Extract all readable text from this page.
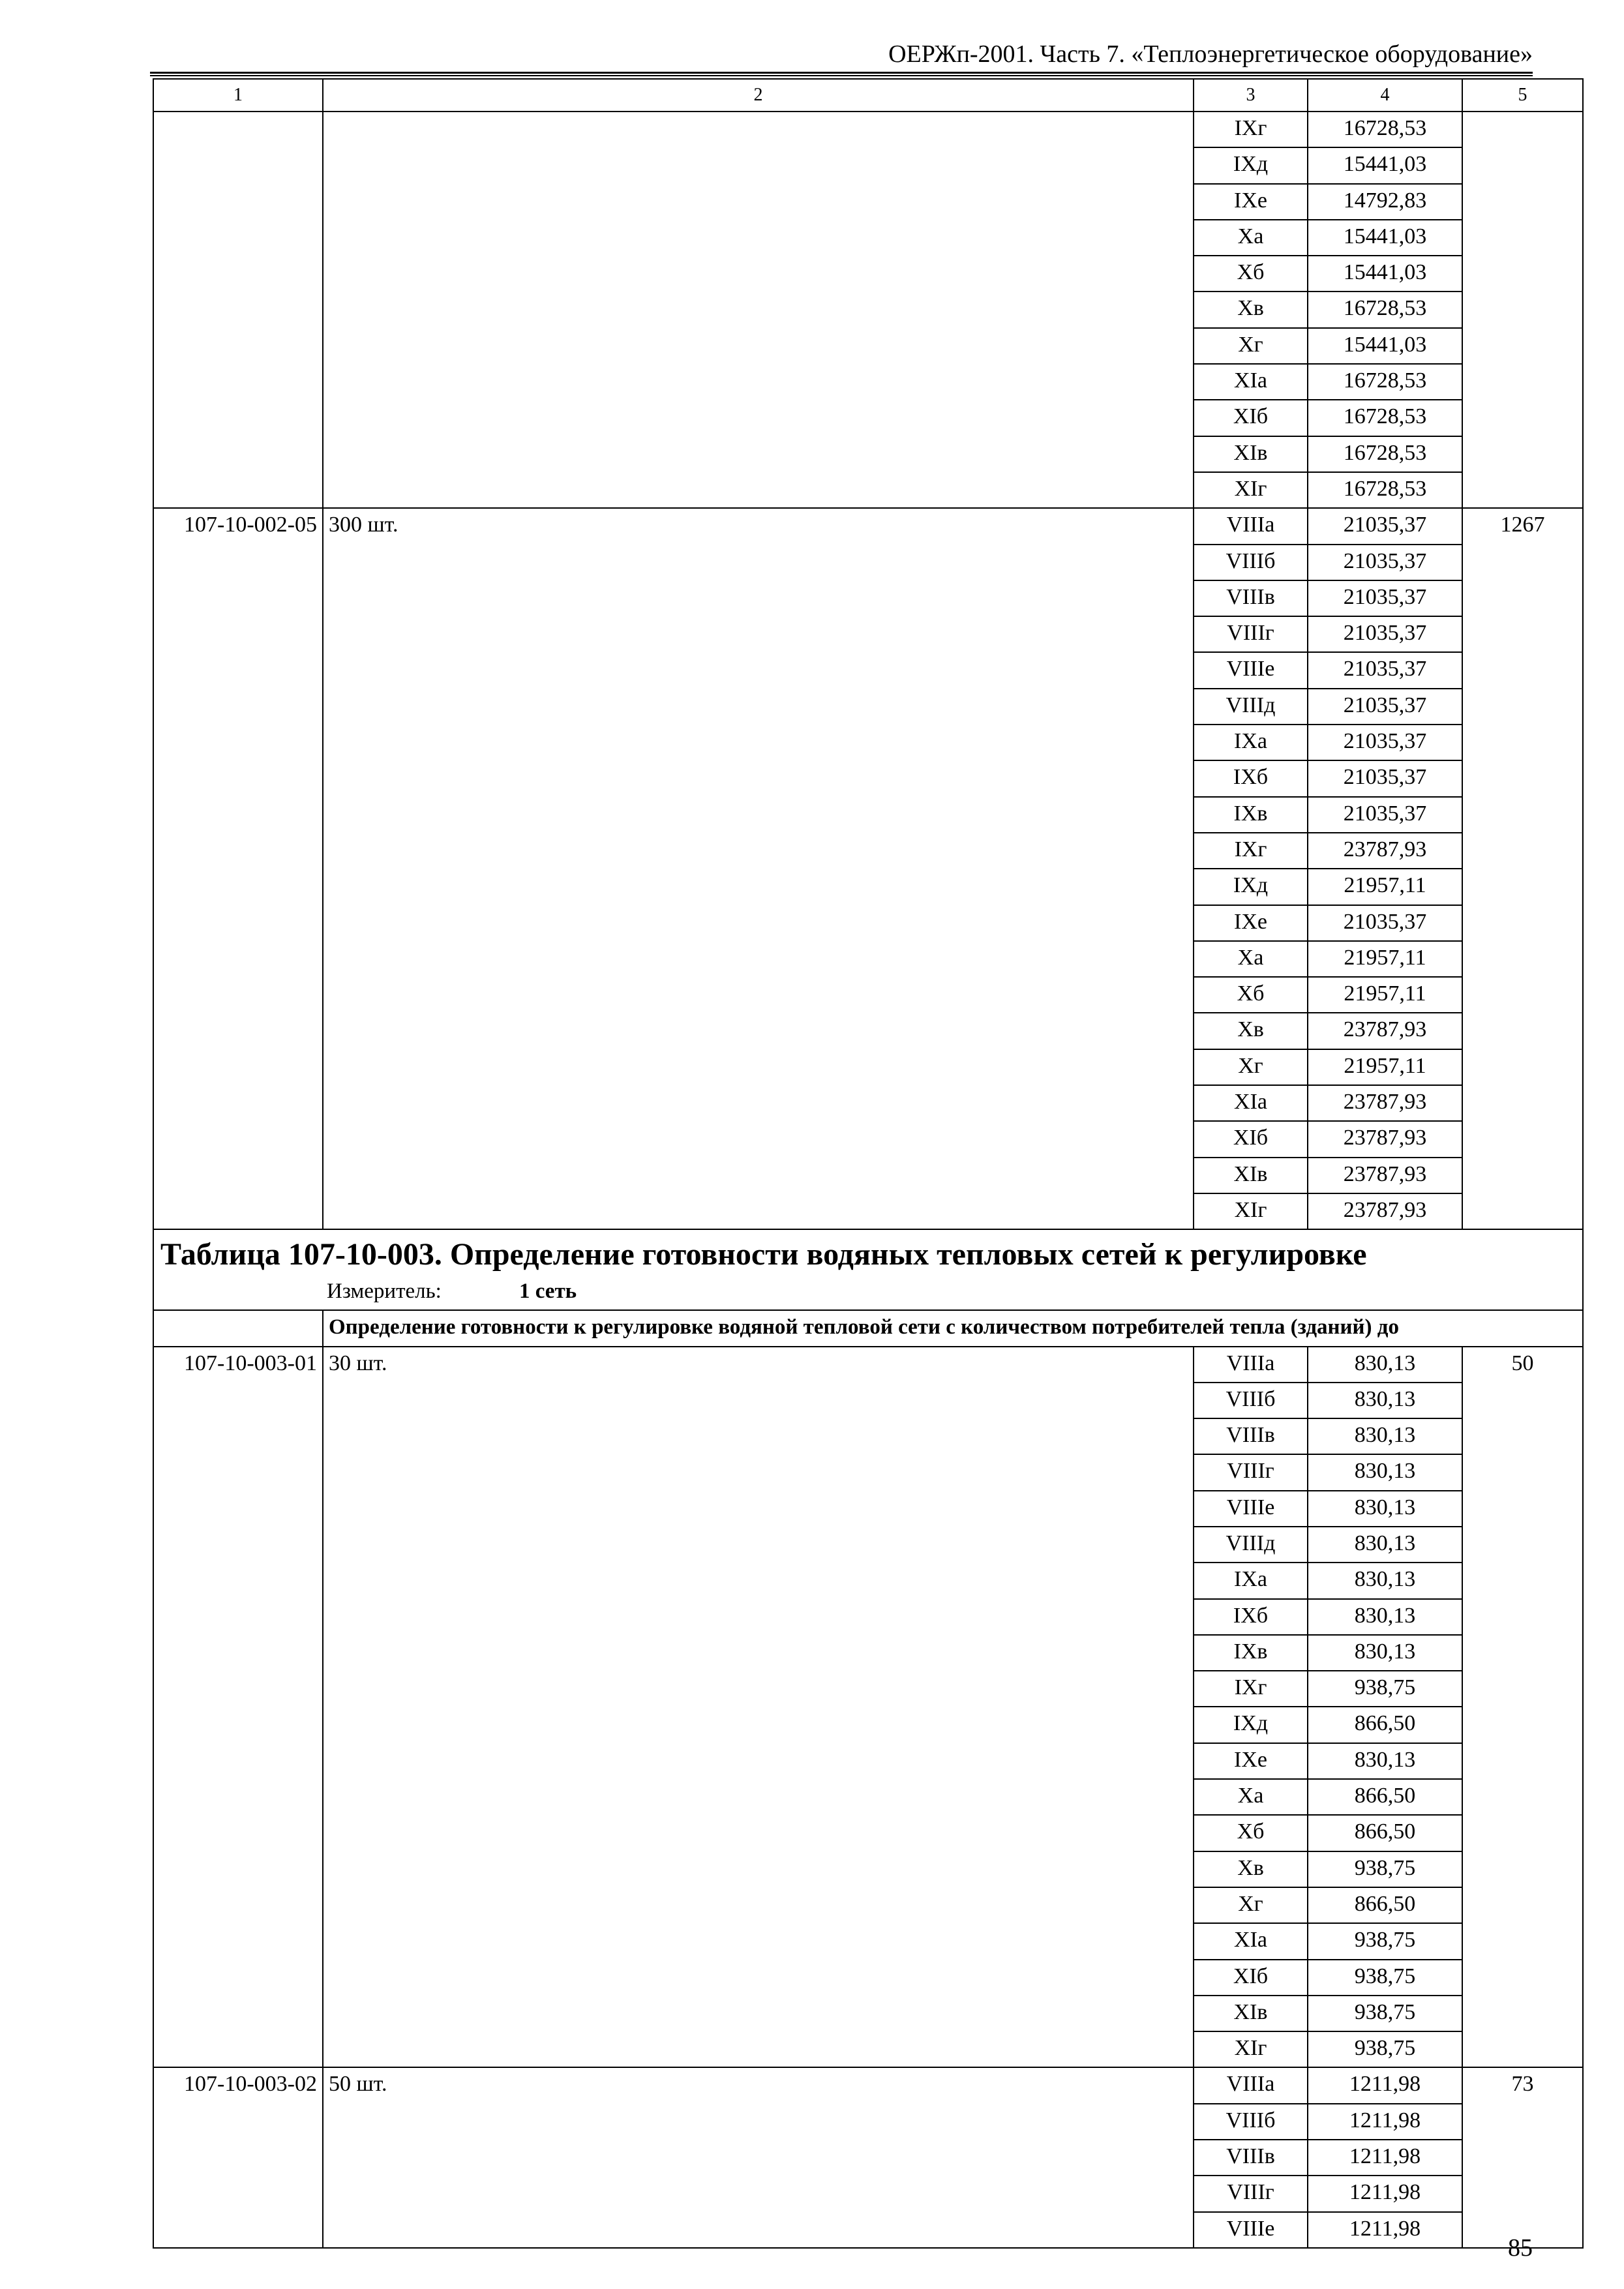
ОЕРЖп-2001. Часть 7. «Теплоэнергетическое оборудование»
1	2	3	4	5
		IXг	16728,53	
		IXд	15441,03	
		IXе	14792,83	
		Xа	15441,03	
		Xб	15441,03	
		Xв	16728,53	
		Xг	15441,03	
		XIа	16728,53	
		XIб	16728,53	
		XIв	16728,53	
		XIг	16728,53	
107-10-002-05	300 шт.	VIIIа	21035,37	1267
		VIIIб	21035,37	
		VIIIв	21035,37	
		VIIIг	21035,37	
		VIIIе	21035,37	
		VIIIд	21035,37	
		IXа	21035,37	
		IXб	21035,37	
		IXв	21035,37	
		IXг	23787,93	
		IXд	21957,11	
		IXе	21035,37	
		Xа	21957,11	
		Xб	21957,11	
		Xв	23787,93	
		Xг	21957,11	
		XIа	23787,93	
		XIб	23787,93	
		XIв	23787,93	
		XIг	23787,93	

Таблица 107-10-003. Определение готовности водяных тепловых сетей к регулировке
Измеритель: 1 сеть				

	Определение готовности к регулировке водяной тепловой сети с количеством потребителей тепла (зданий) до			
107-10-003-01	30 шт.	VIIIа	830,13	50
		VIIIб	830,13	
		VIIIв	830,13	
		VIIIг	830,13	
		VIIIе	830,13	
		VIIIд	830,13	
		IXа	830,13	
		IXб	830,13	
		IXв	830,13	
		IXг	938,75	
		IXд	866,50	
		IXе	830,13	
		Xа	866,50	
		Xб	866,50	
		Xв	938,75	
		Xг	866,50	
		XIа	938,75	
		XIб	938,75	
		XIв	938,75	
		XIг	938,75	
107-10-003-02	50 шт.	VIIIа	1211,98	73
		VIIIб	1211,98	
		VIIIв	1211,98	
		VIIIг	1211,98	
		VIIIе	1211,98	
85
